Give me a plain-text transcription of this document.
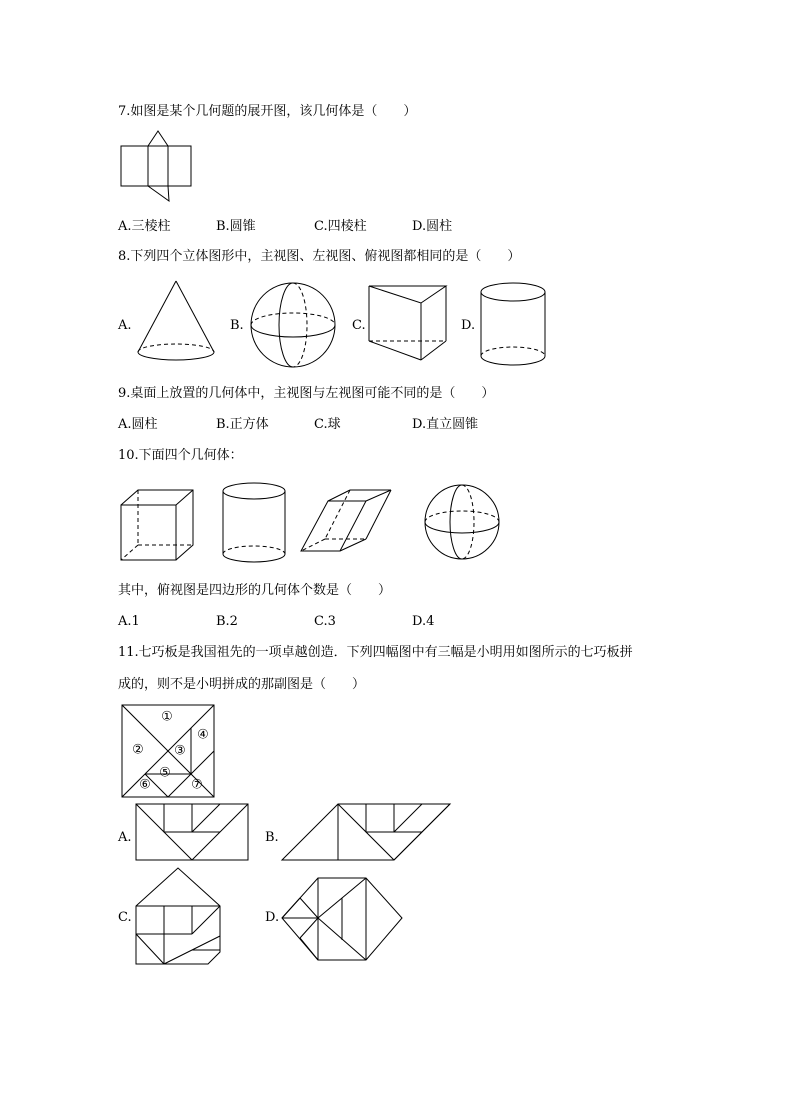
7.如图是某个几何题的展开图，该几何体是（　　）
A.三棱柱	B.圆锥	C.四棱柱	D.圆柱
8.下列四个立体图形中，主视图、左视图、俯视图都相同的是（　　）
A.	B.	C.	D.
9.桌面上放置的几何体中，主视图与左视图可能不同的是（　　）
A.圆柱	B.正方体	C.球	D.直立圆锥
10.下面四个几何体：
其中，俯视图是四边形的几何体个数是（　　）
A.1	B.2	C.3	D.4
11.七巧板是我国祖先的一项卓越创造．下列四幅图中有三幅是小明用如图所示的七巧板拼
成的，则不是小明拼成的那副图是（　　）
①
② ③
④
⑤
⑥	⑦
A.	B.
C.	D.
